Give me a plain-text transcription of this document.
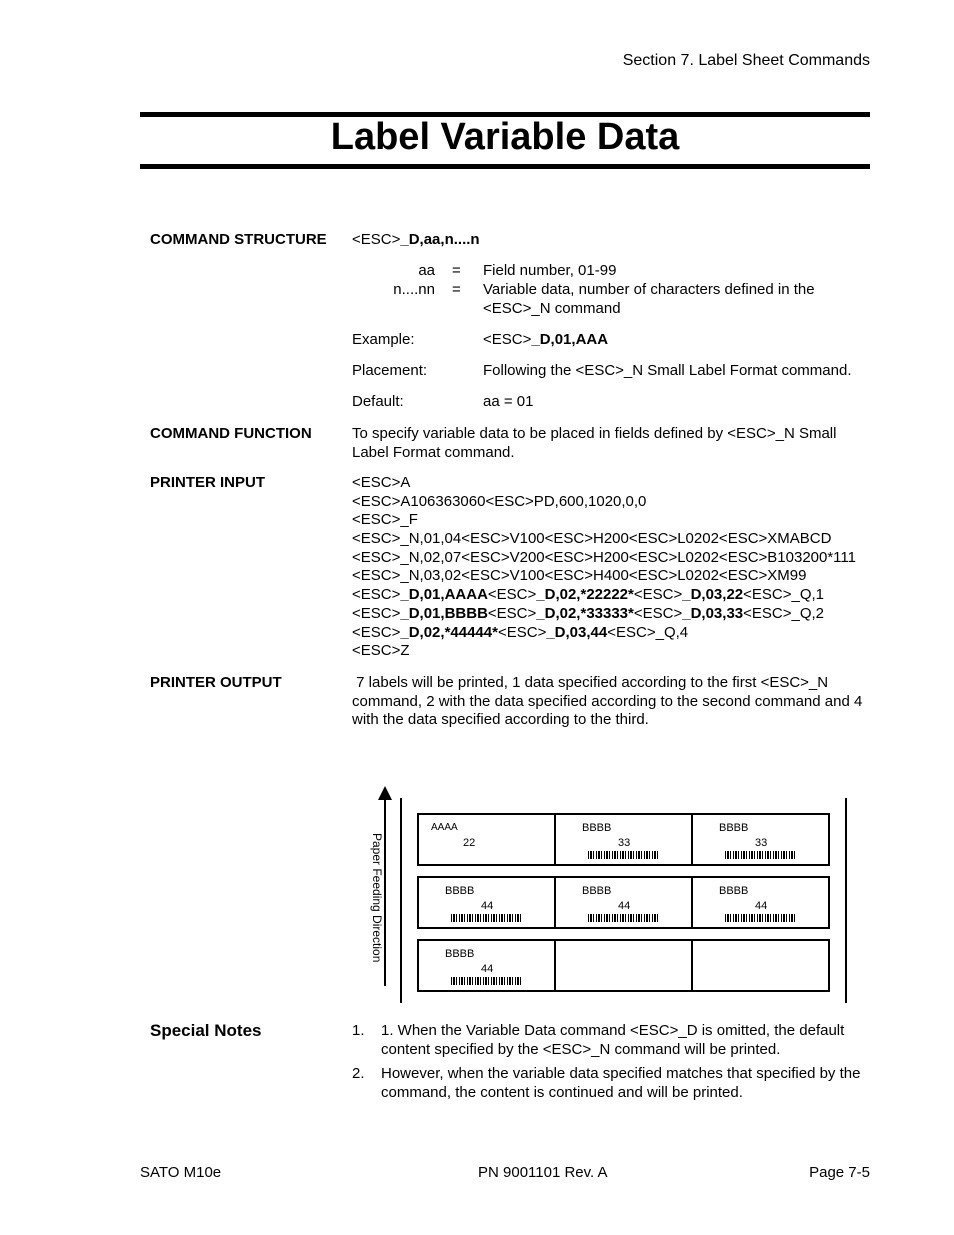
Section 7. Label Sheet Commands
Label Variable Data
COMMAND STRUCTURE <ESC>_D,aa,n....n
aa = Field number, 01-99
n....nn = Variable data, number of characters defined in the <ESC>_N command
Example:	<ESC>_D,01,AAA
Placement:	Following the <ESC>_N Small Label Format command.
Default:	aa = 01
COMMAND FUNCTION	To specify variable data to be placed in fields defined by <ESC>_N Small Label Format command.
PRINTER INPUT	<ESC>A
<ESC>A106363060<ESC>PD,600,1020,0,0
<ESC>_F
<ESC>_N,01,04<ESC>V100<ESC>H200<ESC>L0202<ESC>XMABCD
<ESC>_N,02,07<ESC>V200<ESC>H200<ESC>L0202<ESC>B103200*111
<ESC>_N,03,02<ESC>V100<ESC>H400<ESC>L0202<ESC>XM99
<ESC>_D,01,AAAA<ESC>_D,02,*22222*<ESC>_D,03,22<ESC>_Q,1
<ESC>_D,01,BBBB<ESC>_D,02,*33333*<ESC>_D,03,33<ESC>_Q,2
<ESC>_D,02,*44444*<ESC>_D,03,44<ESC>_Q,4
<ESC>Z
PRINTER OUTPUT	7 labels will be printed, 1 data specified according to the first <ESC>_N command, 2 with the data specified according to the second command and 4 with the data specified according to the third.
Paper Feeding Direction
AAAA
22
BBBB
33
BBBB
33
BBBB
44
BBBB
44
BBBB
44
BBBB
44
Special Notes	1. 1. When the Variable Data command <ESC>_D is omitted, the default content specified by the <ESC>_N command will be printed.
2. However, when the variable data specified matches that specified by the command, the content is continued and will be printed.
SATO M10e	PN 9001101 Rev. A	Page 7-5
